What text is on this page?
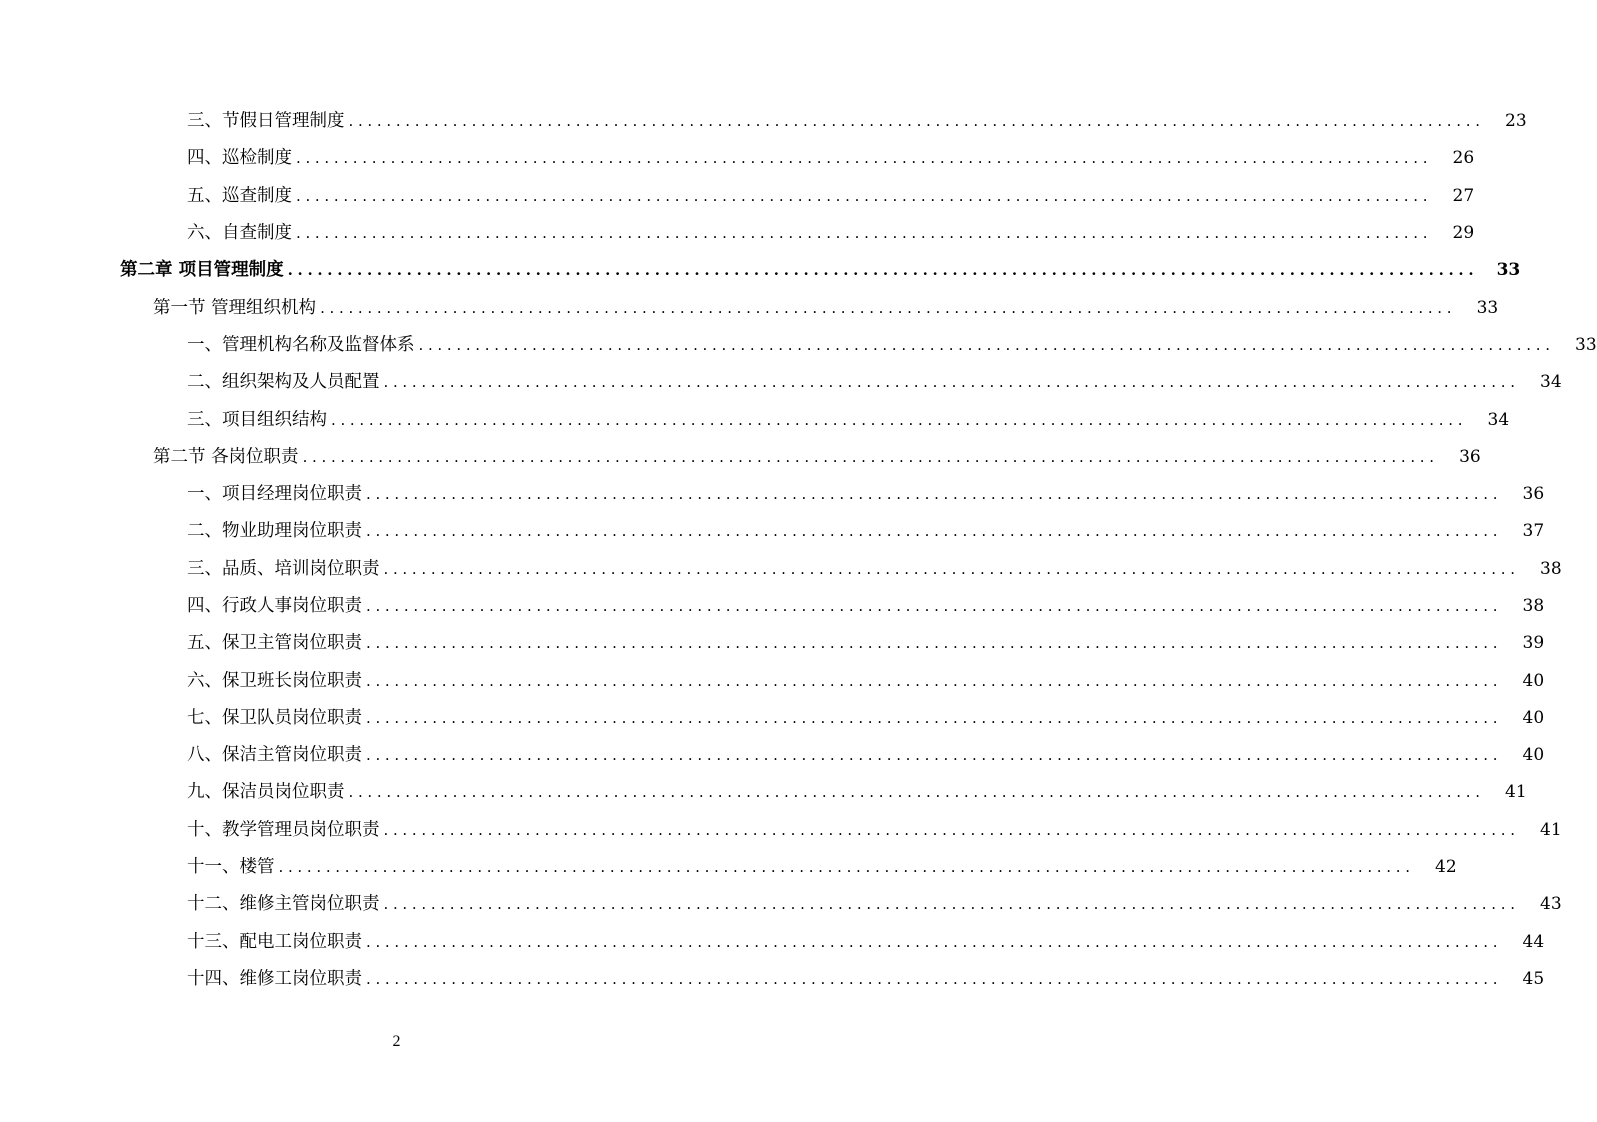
三、节假日管理制度 ........................................................................................................................	23
四、巡检制度 ........................................................................................................................	26
五、巡查制度 ........................................................................................................................	27
六、自查制度 ........................................................................................................................	29
第二章 项目管理制度 ........................................................................................................................	33
第一节 管理组织机构 ........................................................................................................................	33
一、管理机构名称及监督体系 ........................................................................................................................	33
二、组织架构及人员配置 ........................................................................................................................	34
三、项目组织结构 ........................................................................................................................	34
第二节 各岗位职责 ........................................................................................................................	36
一、项目经理岗位职责 ........................................................................................................................	36
二、物业助理岗位职责 ........................................................................................................................	37
三、品质、培训岗位职责 ........................................................................................................................	38
四、行政人事岗位职责 ........................................................................................................................	38
五、保卫主管岗位职责 ........................................................................................................................	39
六、保卫班长岗位职责 ........................................................................................................................	40
七、保卫队员岗位职责 ........................................................................................................................	40
八、保洁主管岗位职责 ........................................................................................................................	40
九、保洁员岗位职责 ........................................................................................................................	41
十、教学管理员岗位职责 ........................................................................................................................	41
十一、楼管 ........................................................................................................................	42
十二、维修主管岗位职责 ........................................................................................................................	43
十三、配电工岗位职责 ........................................................................................................................	44
十四、维修工岗位职责 ........................................................................................................................	45
2
